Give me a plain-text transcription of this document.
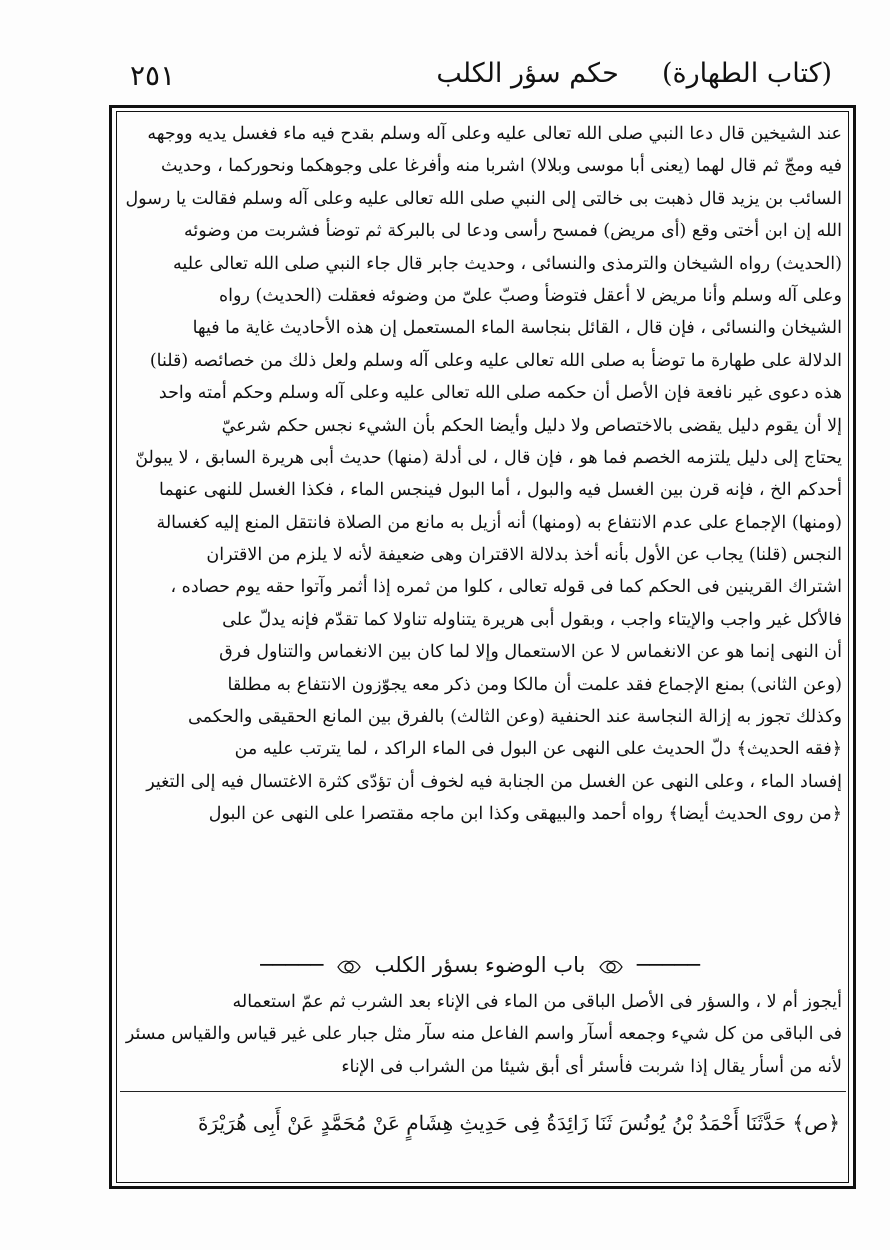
(كتاب الطهارة)  حكم سؤر الكلب
٢٥١
عند الشيخين قال دعا النبي صلى الله تعالى عليه وعلى آله وسلم بقدح فيه ماء فغسل يديه ووجهه
فيه ومجّ ثم قال لهما (يعنى أبا موسى وبلالا) اشربا منه وأفرغا على وجوهكما ونحوركما ، وحديث
السائب بن يزيد قال ذهبت بى خالتى إلى النبي صلى الله تعالى عليه وعلى آله وسلم فقالت يا رسول
الله إن ابن أختى وقع (أى مريض) فمسح رأسى ودعا لى بالبركة ثم توضأ فشربت من وضوئه
(الحديث) رواه الشيخان والترمذى والنسائى ، وحديث جابر قال جاء النبي صلى الله تعالى عليه
وعلى آله وسلم وأنا مريض لا أعقل فتوضأ وصبّ علىّ من وضوئه فعقلت (الحديث) رواه
الشيخان والنسائى ، فإن قال ، القائل بنجاسة الماء المستعمل إن هذه الأحاديث غاية ما فيها
الدلالة على طهارة ما توضأ به صلى الله تعالى عليه وعلى آله وسلم ولعل ذلك من خصائصه (قلنا)
هذه دعوى غير نافعة فإن الأصل أن حكمه صلى الله تعالى عليه وعلى آله وسلم وحكم أمته واحد
إلا أن يقوم دليل يقضى بالاختصاص ولا دليل وأيضا الحكم بأن الشيء نجس حكم شرعيّ
يحتاج إلى دليل يلتزمه الخصم فما هو ، فإن قال ، لى أدلة (منها) حديث أبى هريرة السابق ، لا يبولنّ
أحدكم الخ ، فإنه قرن بين الغسل فيه والبول ، أما البول فينجس الماء ، فكذا الغسل للنهى عنهما
(ومنها) الإجماع على عدم الانتفاع به (ومنها) أنه أزيل به مانع من الصلاة فانتقل المنع إليه كغسالة
النجس (قلنا) يجاب عن الأول بأنه أخذ بدلالة الاقتران وهى ضعيفة لأنه لا يلزم من الاقتران
اشتراك القرينين فى الحكم كما فى قوله تعالى ، كلوا من ثمره إذا أثمر وآتوا حقه يوم حصاده ،
فالأكل غير واجب والإيتاء واجب ، وبقول أبى هريرة يتناوله تناولا كما تقدّم فإنه يدلّ على
أن النهى إنما هو عن الانغماس لا عن الاستعمال وإلا لما كان بين الانغماس والتناول فرق
(وعن الثانى) بمنع الإجماع فقد علمت أن مالكا ومن ذكر معه يجوّزون الانتفاع به مطلقا
وكذلك تجوز به إزالة النجاسة عند الحنفية (وعن الثالث) بالفرق بين المانع الحقيقى والحكمى
﴿فقه الحديث﴾ دلّ الحديث على النهى عن البول فى الماء الراكد ، لما يترتب عليه من
إفساد الماء ، وعلى النهى عن الغسل من الجنابة فيه لخوف أن تؤدّى كثرة الاغتسال فيه إلى التغير
﴿من روى الحديث أيضا﴾ رواه أحمد والبيهقى وكذا ابن ماجه مقتصرا على النهى عن البول
─────  باب الوضوء بسؤر الكلب  ─────
أيجوز أم لا ، والسؤر فى الأصل الباقى من الماء فى الإناء بعد الشرب ثم عمّ استعماله
فى الباقى من كل شيء وجمعه أسآر واسم الفاعل منه سآر مثل جبار على غير قياس والقياس مسئر
لأنه من أسأر يقال إذا شربت فأسئر أى أبق شيئا من الشراب فى الإناء
﴿ص﴾ حَدَّثَنَا أَحْمَدُ بْنُ يُونُسَ ثَنَا زَائِدَةُ فِى حَدِيثِ هِشَامٍ عَنْ مُحَمَّدٍ عَنْ أَبِى هُرَيْرَةَ
